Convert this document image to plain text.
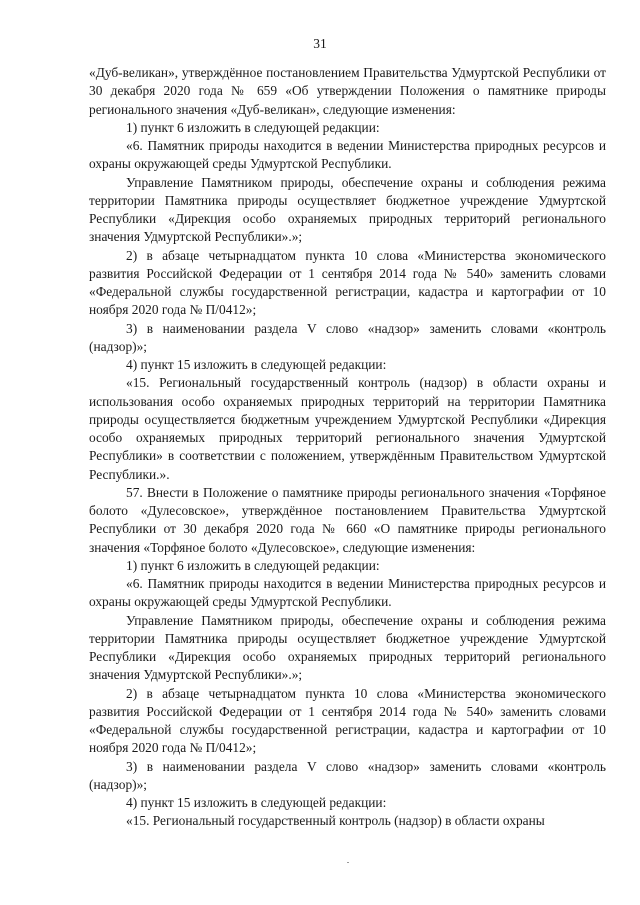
31

«Дуб-великан», утверждённое постановлением Правительства Удмуртской Республики от 30 декабря 2020 года № 659 «Об утверждении Положения о памятнике природы регионального значения «Дуб-великан», следующие изменения:

1) пункт 6 изложить в следующей редакции:

«6. Памятник природы находится в ведении Министерства природных ресурсов и охраны окружающей среды Удмуртской Республики.

Управление Памятником природы, обеспечение охраны и соблюдения режима территории Памятника природы осуществляет бюджетное учреждение Удмуртской Республики «Дирекция особо охраняемых природных территорий регионального значения Удмуртской Республики».»;

2) в абзаце четырнадцатом пункта 10 слова «Министерства экономического развития Российской Федерации от 1 сентября 2014 года № 540» заменить словами «Федеральной службы государственной регистрации, кадастра и картографии от 10 ноября 2020 года № П/0412»;

3) в наименовании раздела V слово «надзор» заменить словами «контроль (надзор)»;

4) пункт 15 изложить в следующей редакции:

«15. Региональный государственный контроль (надзор) в области охраны и использования особо охраняемых природных территорий на территории Памятника природы осуществляется бюджетным учреждением Удмуртской Республики «Дирекция особо охраняемых природных территорий регионального значения Удмуртской Республики» в соответствии с положением, утверждённым Правительством Удмуртской Республики.».

57. Внести в Положение о памятнике природы регионального значения «Торфяное болото «Дулесовское», утверждённое постановлением Правительства Удмуртской Республики от 30 декабря 2020 года № 660 «О памятнике природы регионального значения «Торфяное болото «Дулесовское», следующие изменения:

1) пункт 6 изложить в следующей редакции:

«6. Памятник природы находится в ведении Министерства природных ресурсов и охраны окружающей среды Удмуртской Республики.

Управление Памятником природы, обеспечение охраны и соблюдения режима территории Памятника природы осуществляет бюджетное учреждение Удмуртской Республики «Дирекция особо охраняемых природных территорий регионального значения Удмуртской Республики».»;

2) в абзаце четырнадцатом пункта 10 слова «Министерства экономического развития Российской Федерации от 1 сентября 2014 года № 540» заменить словами «Федеральной службы государственной регистрации, кадастра и картографии от 10 ноября 2020 года № П/0412»;

3) в наименовании раздела V слово «надзор» заменить словами «контроль (надзор)»;

4) пункт 15 изложить в следующей редакции:

«15. Региональный государственный контроль (надзор) в области охраны
